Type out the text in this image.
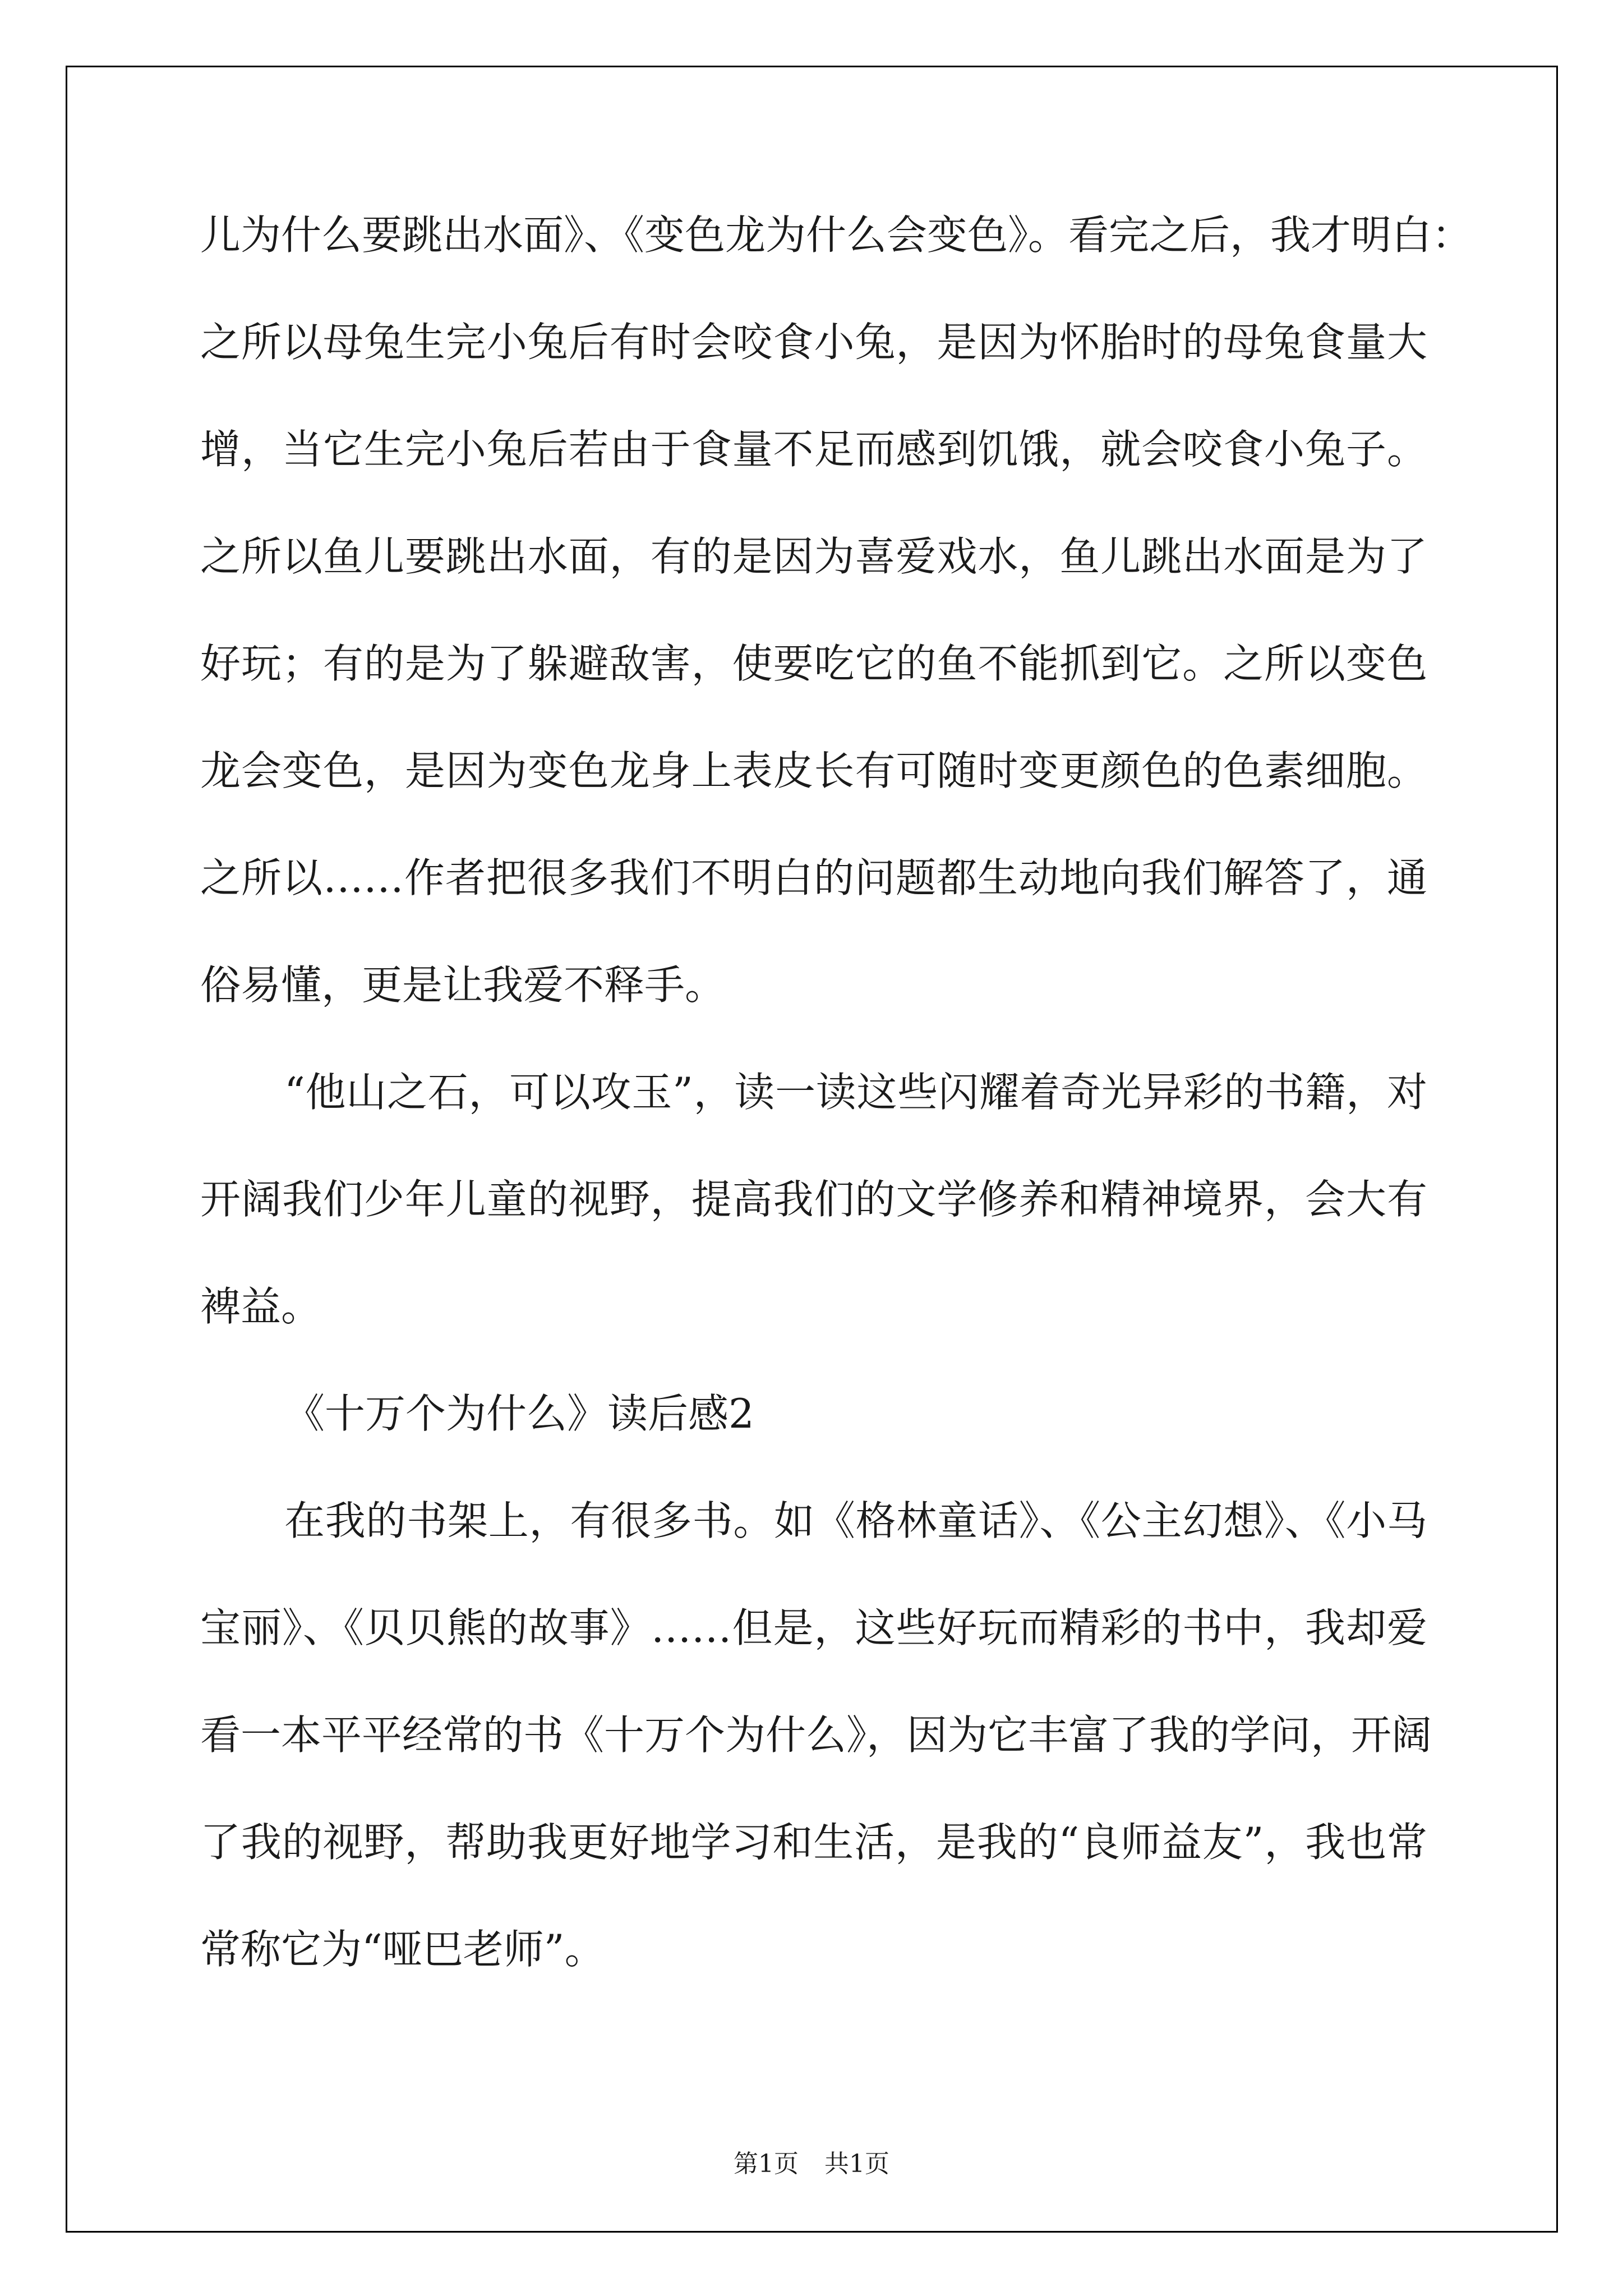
儿为什么要跳出水面》、《变色龙为什么会变色》。看完之后，我才明白：
之所以母兔生完小兔后有时会咬食小兔，是因为怀胎时的母兔食量大
增，当它生完小兔后若由于食量不足而感到饥饿，就会咬食小兔子。
之所以鱼儿要跳出水面，有的是因为喜爱戏水，鱼儿跳出水面是为了
好玩；有的是为了躲避敌害，使要吃它的鱼不能抓到它。之所以变色
龙会变色，是因为变色龙身上表皮长有可随时变更颜色的色素细胞。
之所以……作者把很多我们不明白的问题都生动地向我们解答了，通
俗易懂，更是让我爱不释手。
“他山之石，可以攻玉”，读一读这些闪耀着奇光异彩的书籍，对
开阔我们少年儿童的视野，提高我们的文学修养和精神境界，会大有
裨益。
《十万个为什么》读后感2
在我的书架上，有很多书。如《格林童话》、《公主幻想》、《小马
宝丽》、《贝贝熊的故事》……但是，这些好玩而精彩的书中，我却爱
看一本平平经常的书《十万个为什么》，因为它丰富了我的学问，开阔
了我的视野，帮助我更好地学习和生活，是我的“良师益友”，我也常
常称它为“哑巴老师”。
第1页 共1页
